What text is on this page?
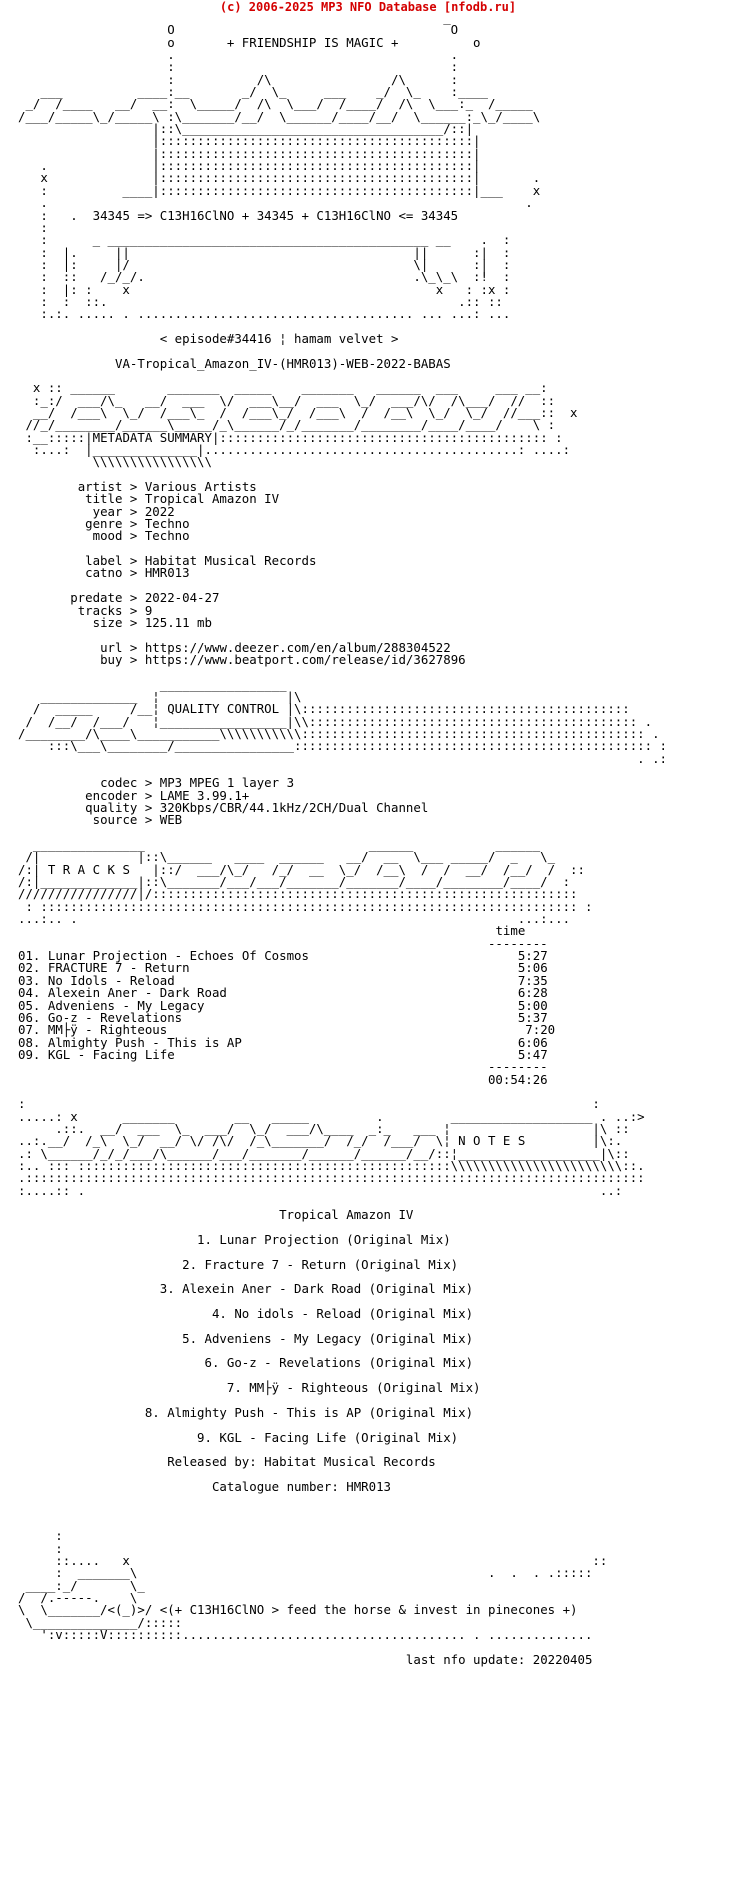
(c) 2006-2025 MP3 NFO Database [nfodb.ru]
_
O                                     O
o	+ FRIENDSHIP IS MAGIC +	o
.                                     .
:                                     :
:           /\                /\      :
___          ____:__       _/  \_     ___    _/  \_    :____
_/  /____   __/  __:  \_____/  /\  \___/  /____/  /\  \___:_  /_____
/___/_____\_/_____\ :\_______/__/  \______/____/__/  \______:_\_/____\
|::\___________________________________/::|
|::::::::::::::::::::::::::::::::::::::::::|
|::::::::::::::::::::::::::::::::::::::::::|
.              |::::::::::::::::::::::::::::::::::::::::::|
x              |::::::::::::::::::::::::::::::::::::::::::|       .
:          ____|::::::::::::::::::::::::::::::::::::::::::|___    x
.                                                                .
:   .  34345 => C13H16ClNO + 34345 + C13H16ClNO <= 34345
:
:      _ ___________________________________________ __    .  :
:  |.     ||                                      ||      :|  :
:  |:     |/                                      \|      :|  :
:  ::   /_/_/.                                    .\_\_\  :!  :
:  |: :    x                                         x   : :x :
:  :  ::.                                               .:: ::
:.:. ..... . ..................................... ... ...: ...

< episode#34416 ¦ hamam velvet >

VA-Tropical_Amazon_IV-(HMR013)-WEB-2022-BABAS

x :: ______       _______  _____    _______   ______  ___     ___ __:
:_:/  ___/\_   __/  ___  \/  ___\__/  ___  \_/  ___/\/  /\___/  //  ::
__/  /___\  \_/  /___\_  /  /___\_/  /___\  /  /__\  \_/  \_/  //___::  x
//_/________/______\_____/_\______/_/_______/________/____/____/    \ :
:__:::::|METADATA SUMMARY|:::::::::::::::::::::::::::::::::::::::::::: :
:...:  |______________|..........................................: ....:
\\\\\\\\\\\\\\\\

artist > Various Artists
title > Tropical Amazon IV
year > 2022
genre > Techno
mood > Techno

label > Habitat Musical Records
catno > HMR013

predate > 2022-04-27
tracks > 9
size > 125.11 mb

url > https://www.deezer.com/en/album/288304522
buy > https://www.beatport.com/release/id/3627896

_________________
_____________  ¦                 |\
/  _____     /__¦ QUALITY CONTROL |\::::::::::::::::::::::::::::::::::::::::::::
/  /__/  /___/   ¦_________________|\\:::::::::::::::::::::::::::::::::::::::::::: .
/________/\____\___________\\\\\\\\\\\:::::::::::::::::::::::::::::::::::::::::::::: .
:::\___\________/________________:::::::::::::::::::::::::::::::::::::::::::::::: :
. .:

codec > MP3 MPEG 1 layer 3
encoder > LAME 3.99.1+
quality > 320Kbps/CBR/44.1kHz/2CH/Dual Channel
source > WEB

_______________                              ______           ______
/|             |::\______   ____  ______   __/  __  \___ _____/  _   \_
/:| T R A C K S   |::/  ___/\_/   /_/  __  \_/  /__\  /  /  __/  /__/  /  ::
/:|_____________|::\_______/___/___/_______/_______/____/________/____/  :
////////////////|/:::::::::::::::::::::::::::::::::::::::::::::::::::::::::
: :::::::::::::::::::::::::::::::::::::::::::::::::::::::::::::::::::::::: :
...:.. .                                                           ...:...
time
--------
01. Lunar Projection - Echoes Of Cosmos	5:27
02. FRACTURE 7 - Return	5:06
03. No Idols - Reload	7:35
04. Alexein Aner - Dark Road	6:28
05. Adveniens - My Legacy	5:00
06. Go-z - Revelations	5:37
07. MM├ÿ - Righteous	7:20
08. Almighty Push - This is AP	6:06
09. KGL - Facing Life	5:47
--------
00:54:26

:                                                                            :
.....: x      _______        __   _____         .         ___________________ . ..:>
.::.  __/  ___  \_  ___/  \_/  ___/\____  _:_   ___ ¦                   |\ ::
..:.__/  /_\  \_/  __/ \/ /\/  /_\_______/  /_/  /___/  \¦ N O T E S	|\:.
.: \______/_/_/___/\______/___/_______/______/______/__/::¦___________________|\::
:.. ::: ::::::::::::::::::::::::::::::::::::::::::::::::::\\\\\\\\\\\\\\\\\\\\\\\::.
.:::::::::::::::::::::::::::::::::::::::::::::::::::::::::::::::::::::::::::::::::::
:....:: .                                                                     ..:

Tropical Amazon IV

1. Lunar Projection (Original Mix)

2. Fracture 7 - Return (Original Mix)

3. Alexein Aner - Dark Road (Original Mix)

4. No idols - Reload (Original Mix)

5. Adveniens - My Legacy (Original Mix)

6. Go-z - Revelations (Original Mix)

7. MM├ÿ - Righteous (Original Mix)

8. Almighty Push - This is AP (Original Mix)

9. KGL - Facing Life (Original Mix)

Released by: Habitat Musical Records

Catalogue number: HMR013

:
:
::....   x                                                              ::
:  _______\                                               .  .  . .:::::
____:_/       \_
/  /.-----.    \
\  \_______/<(_)>/ <(+ C13H16ClNO > feed the horse & invest in pinecones +)
\______________/:::::
':v:::::V::::::::::...................................... . ..............

last nfo update: 20220405
